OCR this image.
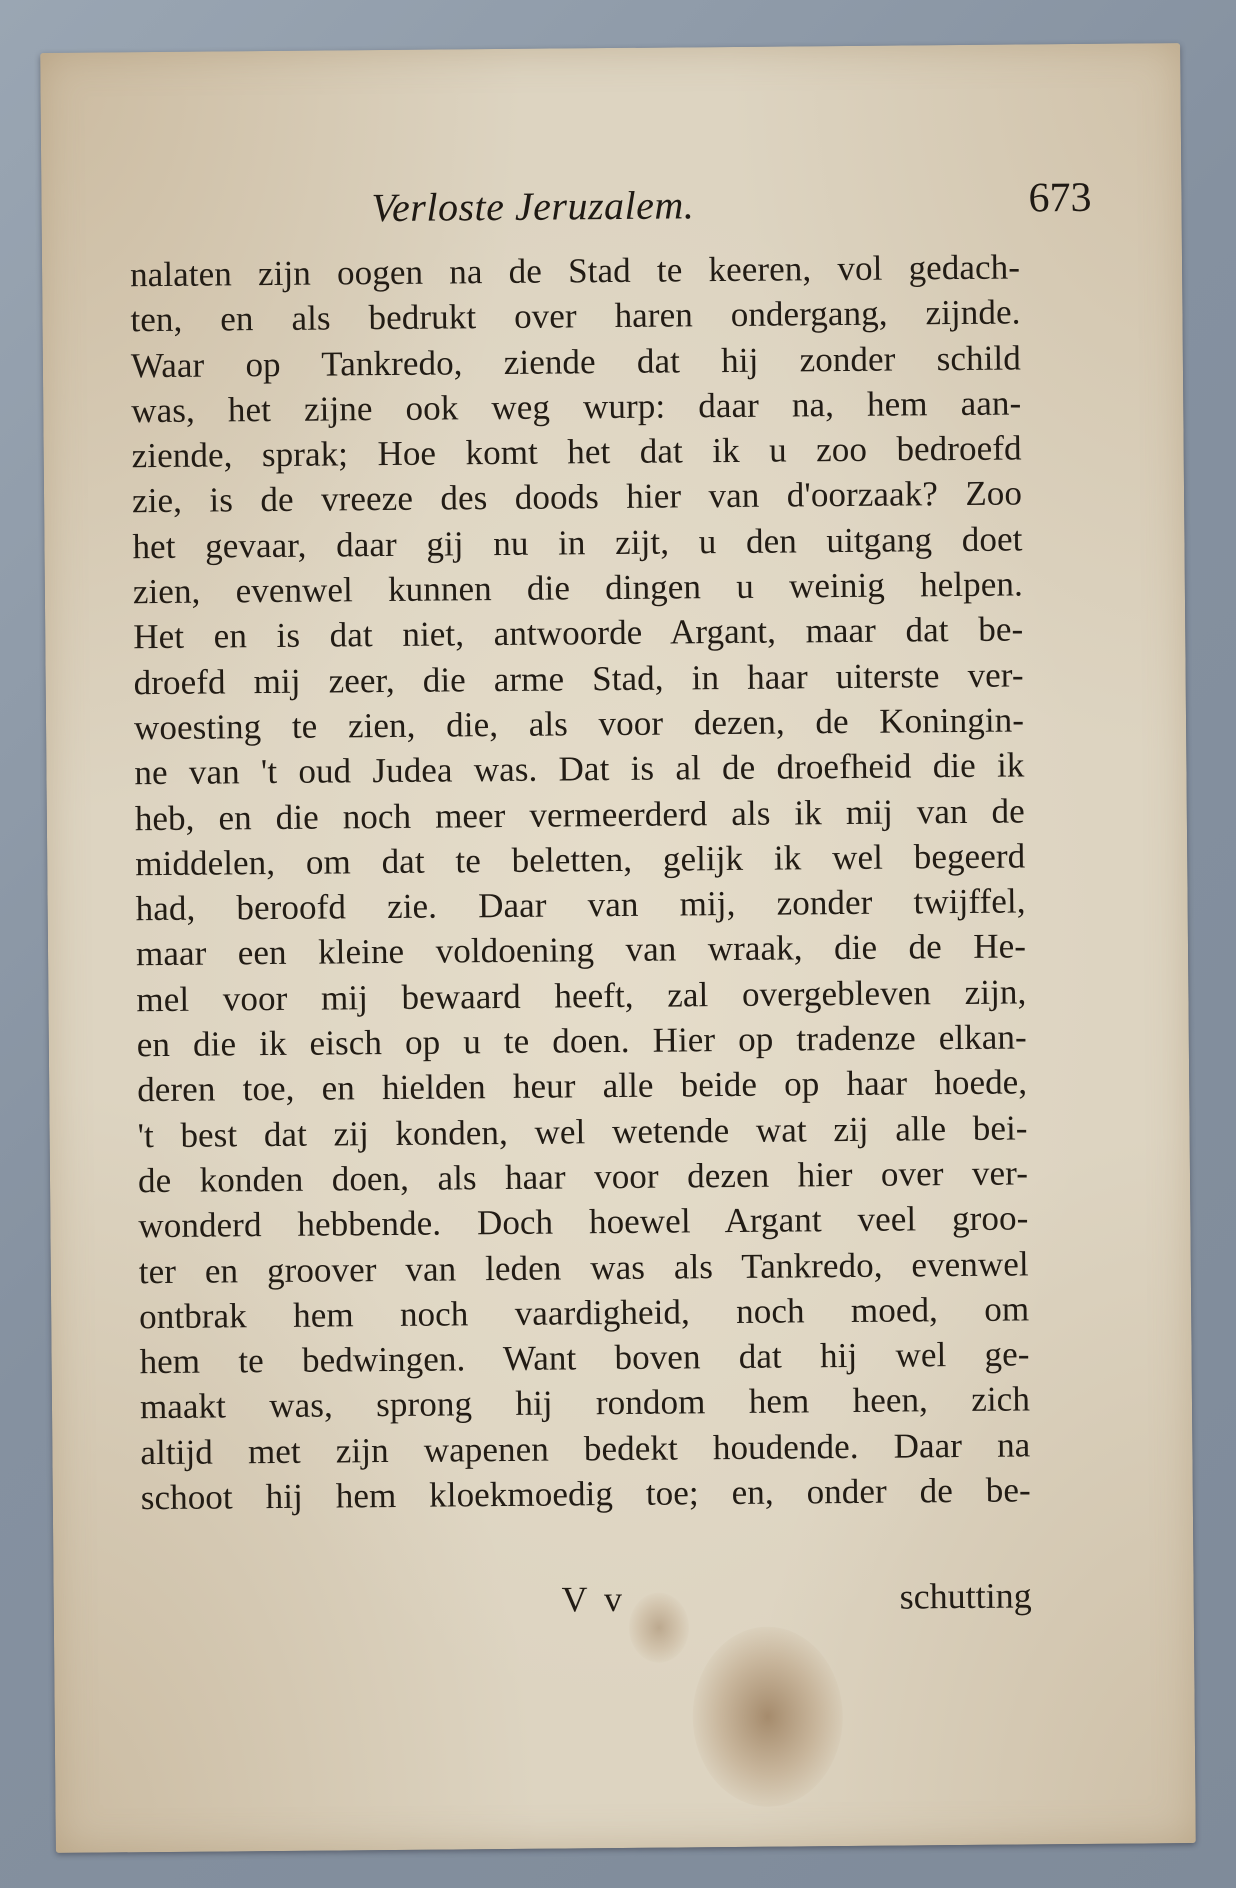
Verloste Jeruzalem.	673
nalaten zijn oogen na de Stad te keeren, vol gedach-
ten, en als bedrukt over haren ondergang, zijnde.
Waar op Tankredo, ziende dat hij zonder schild
was, het zijne ook weg wurp: daar na, hem aan-
ziende, sprak; Hoe komt het dat ik u zoo bedroefd
zie, is de vreeze des doods hier van d'oorzaak? Zoo
het gevaar, daar gij nu in zijt, u den uitgang doet
zien, evenwel kunnen die dingen u weinig helpen.
Het en is dat niet, antwoorde Argant, maar dat be-
droefd mij zeer, die arme Stad, in haar uiterste ver-
woesting te zien, die, als voor dezen, de Koningin-
ne van 't oud Judea was. Dat is al de droefheid die ik
heb, en die noch meer vermeerderd als ik mij van de
middelen, om dat te beletten, gelijk ik wel begeerd
had, beroofd zie. Daar van mij, zonder twijffel,
maar een kleine voldoening van wraak, die de He-
mel voor mij bewaard heeft, zal overgebleven zijn,
en die ik eisch op u te doen. Hier op tradenze elkan-
deren toe, en hielden heur alle beide op haar hoede,
't best dat zij konden, wel wetende wat zij alle bei-
de konden doen, als haar voor dezen hier over ver-
wonderd hebbende. Doch hoewel Argant veel groo-
ter en groover van leden was als Tankredo, evenwel
ontbrak hem noch vaardigheid, noch moed, om
hem te bedwingen. Want boven dat hij wel ge-
maakt was, sprong hij rondom hem heen, zich
altijd met zijn wapenen bedekt houdende. Daar na
schoot hij hem kloekmoedig toe; en, onder de be-
V v	schutting
